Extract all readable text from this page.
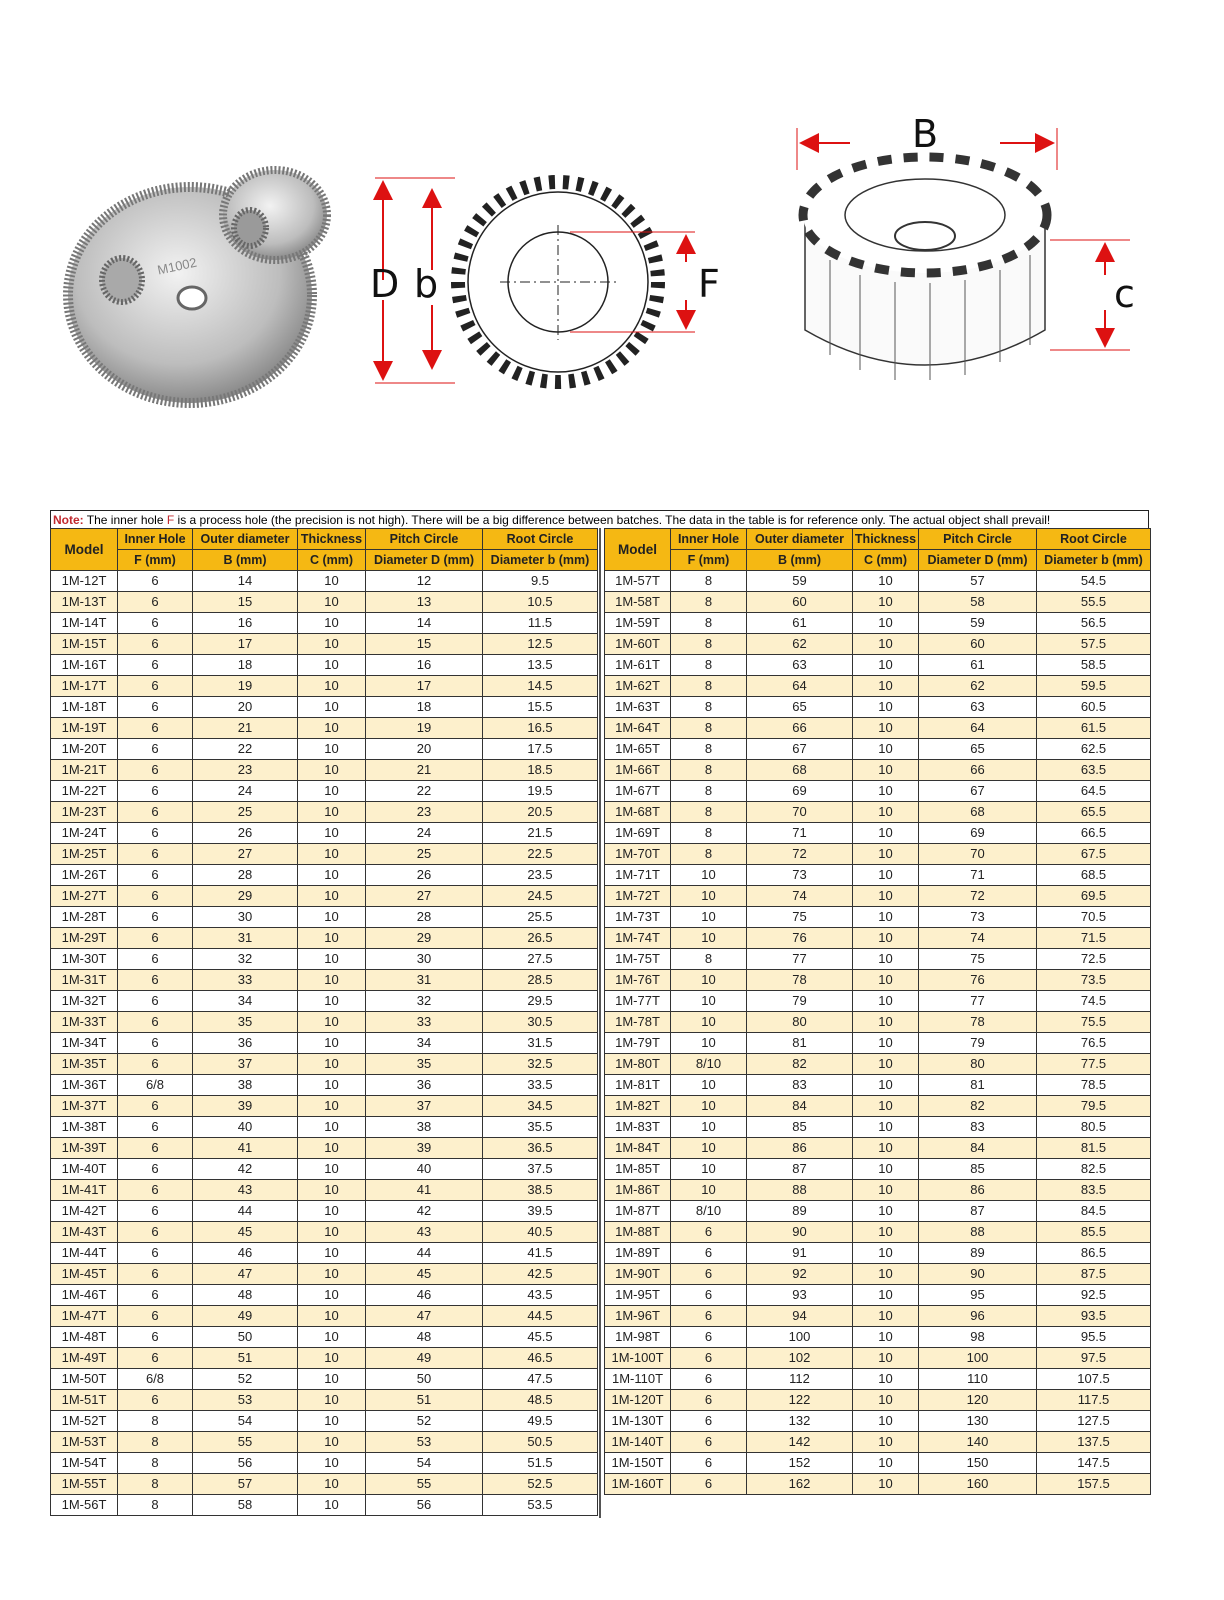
M1002	D b	F
B
c
Note: The inner hole F is a process hole (the precision is not high). There will be a big difference between batches. The data in the table is for reference only. The actual object shall prevail!
Model	Inner Hole	Outer diameter	Thickness	Pitch Circle	Root Circle
	F (mm)	B (mm)	C (mm)	Diameter D (mm)	Diameter b (mm)
1M-12T	6	14	10	12	9.5
1M-13T	6	15	10	13	10.5
1M-14T	6	16	10	14	11.5
1M-15T	6	17	10	15	12.5
1M-16T	6	18	10	16	13.5
1M-17T	6	19	10	17	14.5
1M-18T	6	20	10	18	15.5
1M-19T	6	21	10	19	16.5
1M-20T	6	22	10	20	17.5
1M-21T	6	23	10	21	18.5
1M-22T	6	24	10	22	19.5
1M-23T	6	25	10	23	20.5
1M-24T	6	26	10	24	21.5
1M-25T	6	27	10	25	22.5
1M-26T	6	28	10	26	23.5
1M-27T	6	29	10	27	24.5
1M-28T	6	30	10	28	25.5
1M-29T	6	31	10	29	26.5
1M-30T	6	32	10	30	27.5
1M-31T	6	33	10	31	28.5
1M-32T	6	34	10	32	29.5
1M-33T	6	35	10	33	30.5
1M-34T	6	36	10	34	31.5
1M-35T	6	37	10	35	32.5
1M-36T	6/8	38	10	36	33.5
1M-37T	6	39	10	37	34.5
1M-38T	6	40	10	38	35.5
1M-39T	6	41	10	39	36.5
1M-40T	6	42	10	40	37.5
1M-41T	6	43	10	41	38.5
1M-42T	6	44	10	42	39.5
1M-43T	6	45	10	43	40.5
1M-44T	6	46	10	44	41.5
1M-45T	6	47	10	45	42.5
1M-46T	6	48	10	46	43.5
1M-47T	6	49	10	47	44.5
1M-48T	6	50	10	48	45.5
1M-49T	6	51	10	49	46.5
1M-50T	6/8	52	10	50	47.5
1M-51T	6	53	10	51	48.5
1M-52T	8	54	10	52	49.5
1M-53T	8	55	10	53	50.5
1M-54T	8	56	10	54	51.5
1M-55T	8	57	10	55	52.5
1M-56T	8	58	10	56	53.5
Model	Inner Hole	Outer diameter	Thickness	Pitch Circle	Root Circle
	F (mm)	B (mm)	C (mm)	Diameter D (mm)	Diameter b (mm)
1M-57T	8	59	10	57	54.5
1M-58T	8	60	10	58	55.5
1M-59T	8	61	10	59	56.5
1M-60T	8	62	10	60	57.5
1M-61T	8	63	10	61	58.5
1M-62T	8	64	10	62	59.5
1M-63T	8	65	10	63	60.5
1M-64T	8	66	10	64	61.5
1M-65T	8	67	10	65	62.5
1M-66T	8	68	10	66	63.5
1M-67T	8	69	10	67	64.5
1M-68T	8	70	10	68	65.5
1M-69T	8	71	10	69	66.5
1M-70T	8	72	10	70	67.5
1M-71T	10	73	10	71	68.5
1M-72T	10	74	10	72	69.5
1M-73T	10	75	10	73	70.5
1M-74T	10	76	10	74	71.5
1M-75T	8	77	10	75	72.5
1M-76T	10	78	10	76	73.5
1M-77T	10	79	10	77	74.5
1M-78T	10	80	10	78	75.5
1M-79T	10	81	10	79	76.5
1M-80T	8/10	82	10	80	77.5
1M-81T	10	83	10	81	78.5
1M-82T	10	84	10	82	79.5
1M-83T	10	85	10	83	80.5
1M-84T	10	86	10	84	81.5
1M-85T	10	87	10	85	82.5
1M-86T	10	88	10	86	83.5
1M-87T	8/10	89	10	87	84.5
1M-88T	6	90	10	88	85.5
1M-89T	6	91	10	89	86.5
1M-90T	6	92	10	90	87.5
1M-95T	6	93	10	95	92.5
1M-96T	6	94	10	96	93.5
1M-98T	6	100	10	98	95.5
1M-100T	6	102	10	100	97.5
1M-110T	6	112	10	110	107.5
1M-120T	6	122	10	120	117.5
1M-130T	6	132	10	130	127.5
1M-140T	6	142	10	140	137.5
1M-150T	6	152	10	150	147.5
1M-160T	6	162	10	160	157.5
